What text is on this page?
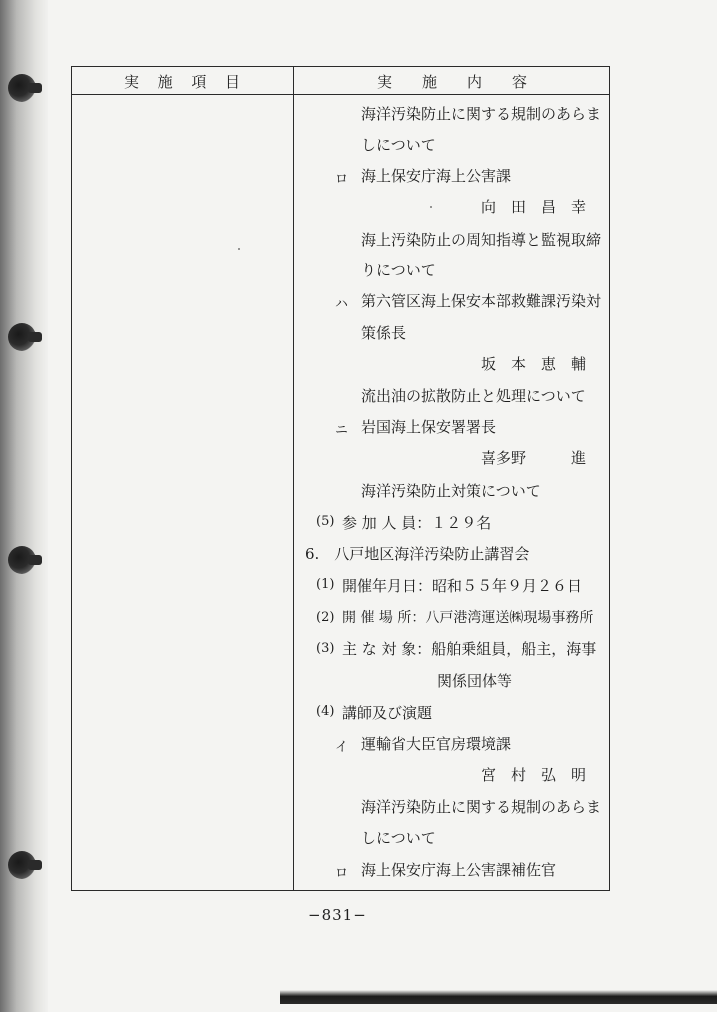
実 施 項 目	実 施 内 容
海洋汚染防止に関する規制のあらま
しについて
ロ 海上保安庁海上公害課
向　田　昌　幸
海上汚染防止の周知指導と監視取締
りについて
ハ 第六管区海上保安本部救難課汚染対
策係長
坂　本　恵　輔
流出油の拡散防止と処理について
ニ 岩国海上保安署署長
喜多野　　　進
海洋汚染防止対策について
(5) 参 加 人 員：１２９名
6.　八戸地区海洋汚染防止講習会
(1) 開催年月日：昭和５５年９月２６日
(2) 開 催 場 所：八戸港湾運送㈱現場事務所
(3) 主 な 対 象：船舶乗組員，船主，海事
関係団体等
(4) 講師及び演題
イ 運輸省大臣官房環境課
宮　村　弘　明
海洋汚染防止に関する規制のあらま
しについて
ロ 海上保安庁海上公害課補佐官
−831−
